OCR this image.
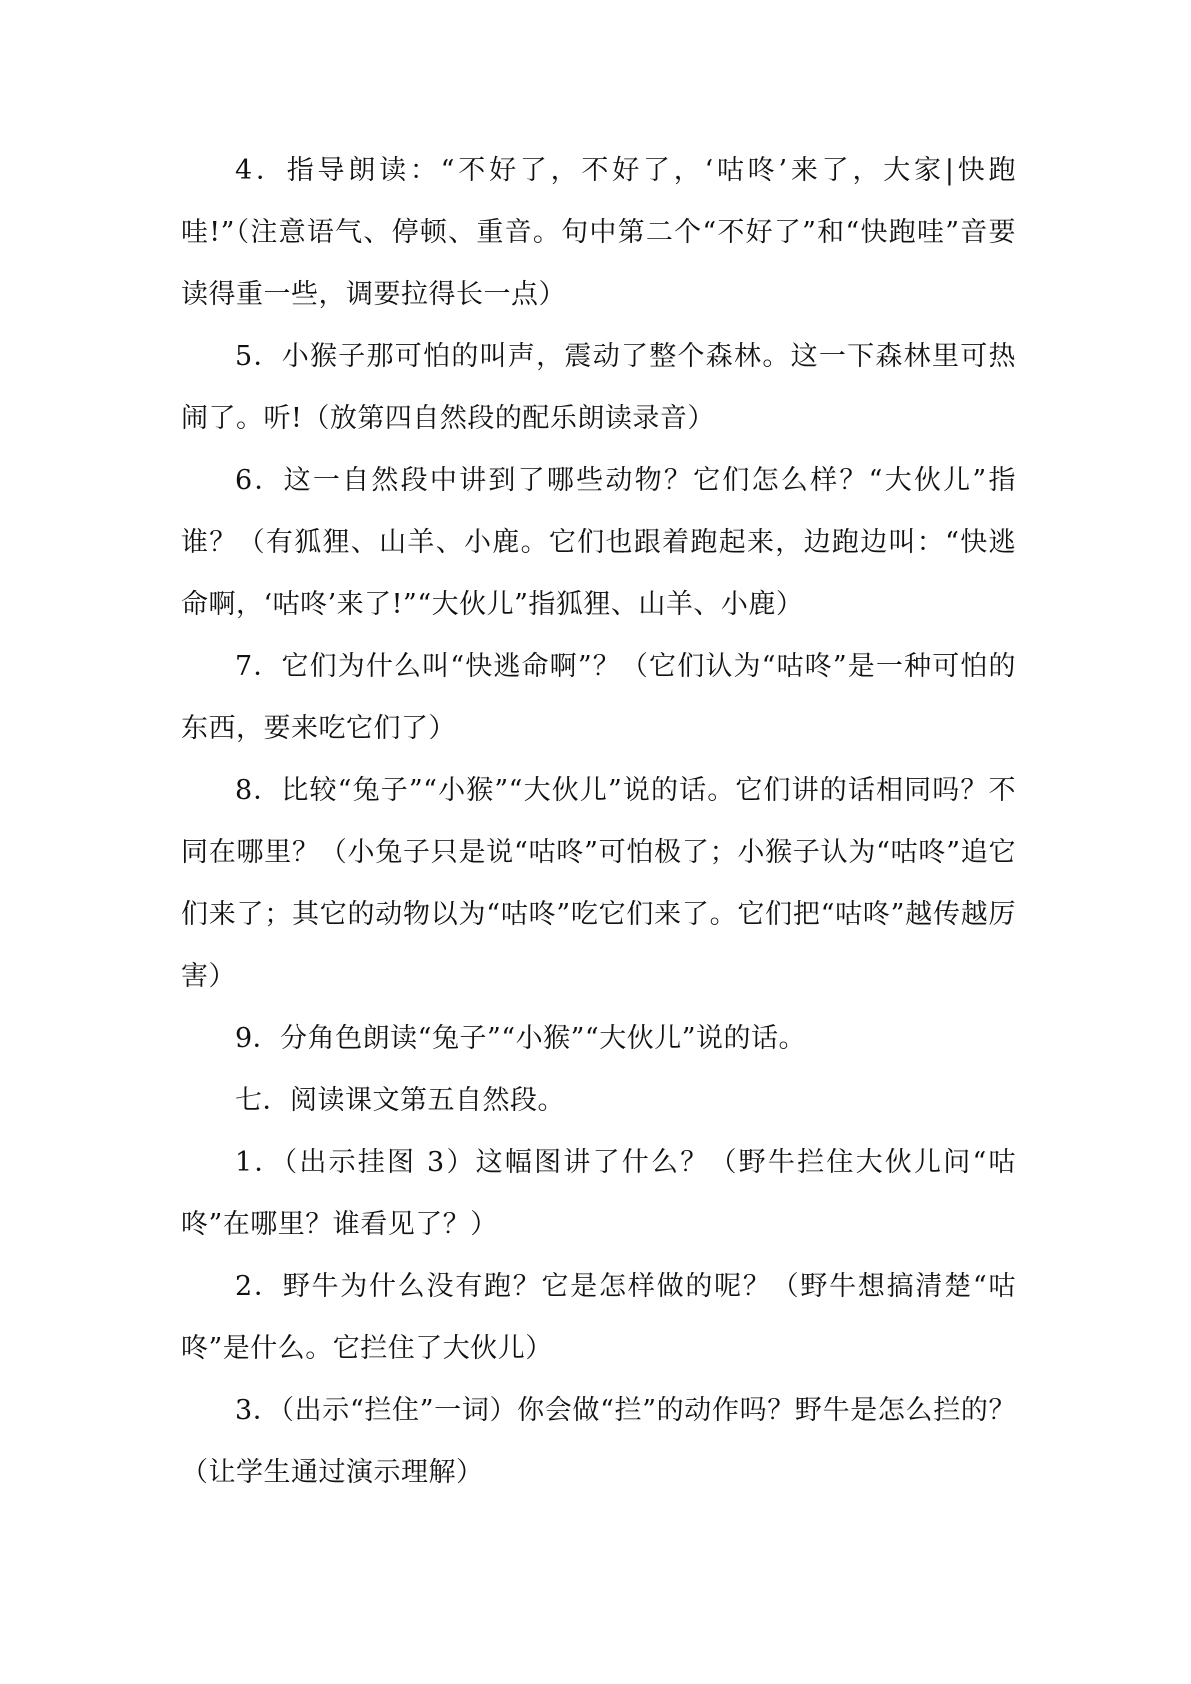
4．指导朗读：“不好了，不好了，‘咕咚’来了，大家|快跑哇!”（注意语气、停顿、重音。句中第二个“不好了”和“快跑哇”音要读得重一些，调要拉得长一点）

5．小猴子那可怕的叫声，震动了整个森林。这一下森林里可热闹了。听!（放第四自然段的配乐朗读录音）

6．这一自然段中讲到了哪些动物？它们怎么样？“大伙儿”指谁？（有狐狸、山羊、小鹿。它们也跟着跑起来，边跑边叫：“快逃命啊，‘咕咚’来了!”“大伙儿”指狐狸、山羊、小鹿）

7．它们为什么叫“快逃命啊”？（它们认为“咕咚”是一种可怕的东西，要来吃它们了）

8．比较“兔子”“小猴”“大伙儿”说的话。它们讲的话相同吗？不同在哪里？（小兔子只是说“咕咚”可怕极了；小猴子认为“咕咚”追它们来了；其它的动物以为“咕咚”吃它们来了。它们把“咕咚”越传越厉害）

9．分角色朗读“兔子”“小猴”“大伙儿”说的话。

七．阅读课文第五自然段。

1．（出示挂图 3）这幅图讲了什么？（野牛拦住大伙儿问“咕咚”在哪里？谁看见了？）

2．野牛为什么没有跑？它是怎样做的呢？（野牛想搞清楚“咕咚”是什么。它拦住了大伙儿）

3．（出示“拦住”一词）你会做“拦”的动作吗？野牛是怎么拦的？（让学生通过演示理解）
